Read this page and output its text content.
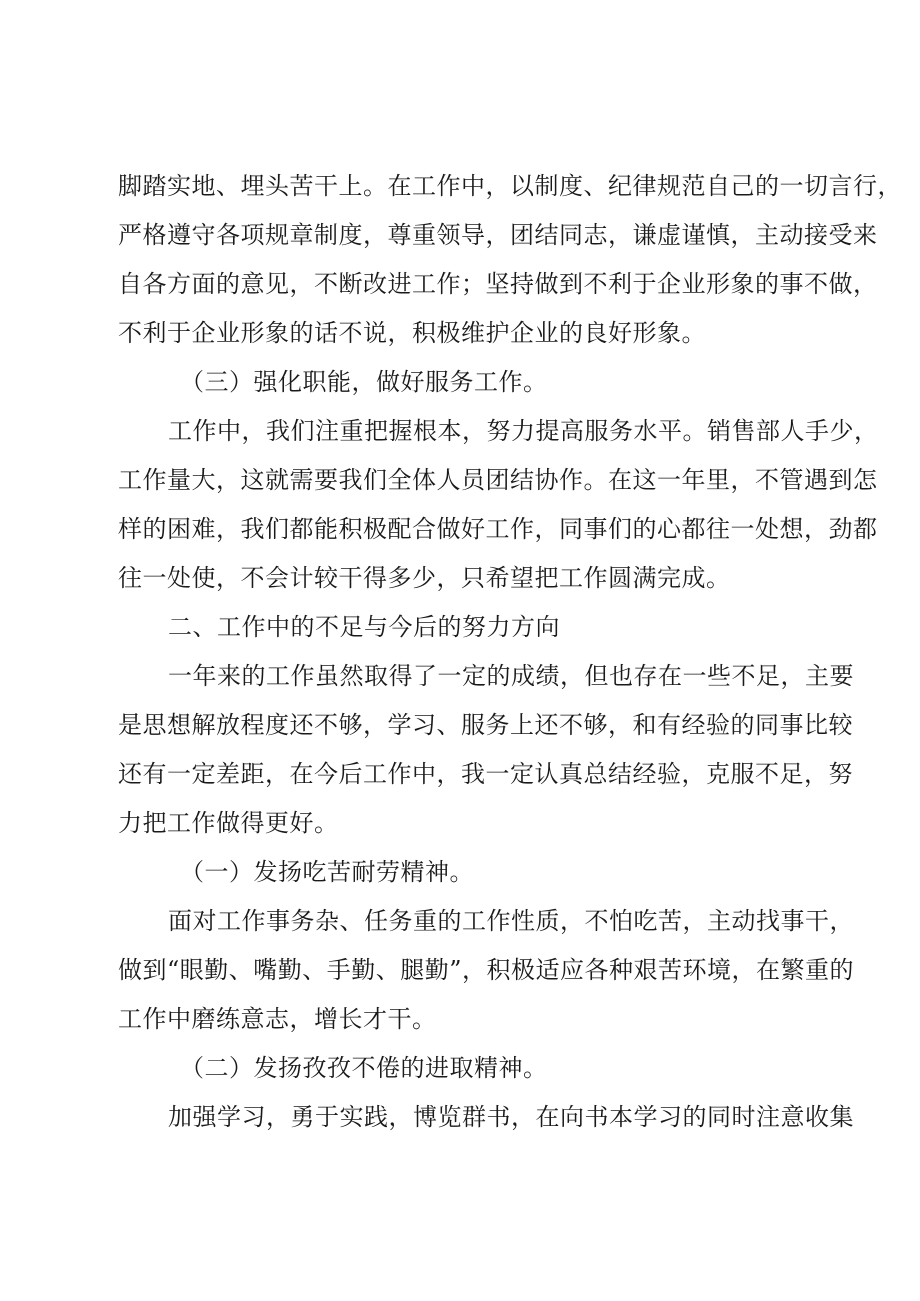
脚踏实地、埋头苦干上。在工作中，以制度、纪律规范自己的一切言行，
严格遵守各项规章制度，尊重领导，团结同志，谦虚谨慎，主动接受来
自各方面的意见，不断改进工作；坚持做到不利于企业形象的事不做，
不利于企业形象的话不说，积极维护企业的良好形象。
（三）强化职能，做好服务工作。
工作中，我们注重把握根本，努力提高服务水平。销售部人手少，
工作量大，这就需要我们全体人员团结协作。在这一年里，不管遇到怎
样的困难，我们都能积极配合做好工作，同事们的心都往一处想，劲都
往一处使，不会计较干得多少，只希望把工作圆满完成。
二、工作中的不足与今后的努力方向
一年来的工作虽然取得了一定的成绩，但也存在一些不足，主要
是思想解放程度还不够，学习、服务上还不够，和有经验的同事比较
还有一定差距，在今后工作中，我一定认真总结经验，克服不足，努
力把工作做得更好。
（一）发扬吃苦耐劳精神。
面对工作事务杂、任务重的工作性质，不怕吃苦，主动找事干，
做到“眼勤、嘴勤、手勤、腿勤”，积极适应各种艰苦环境，在繁重的
工作中磨练意志，增长才干。
（二）发扬孜孜不倦的进取精神。
加强学习，勇于实践，博览群书，在向书本学习的同时注意收集
